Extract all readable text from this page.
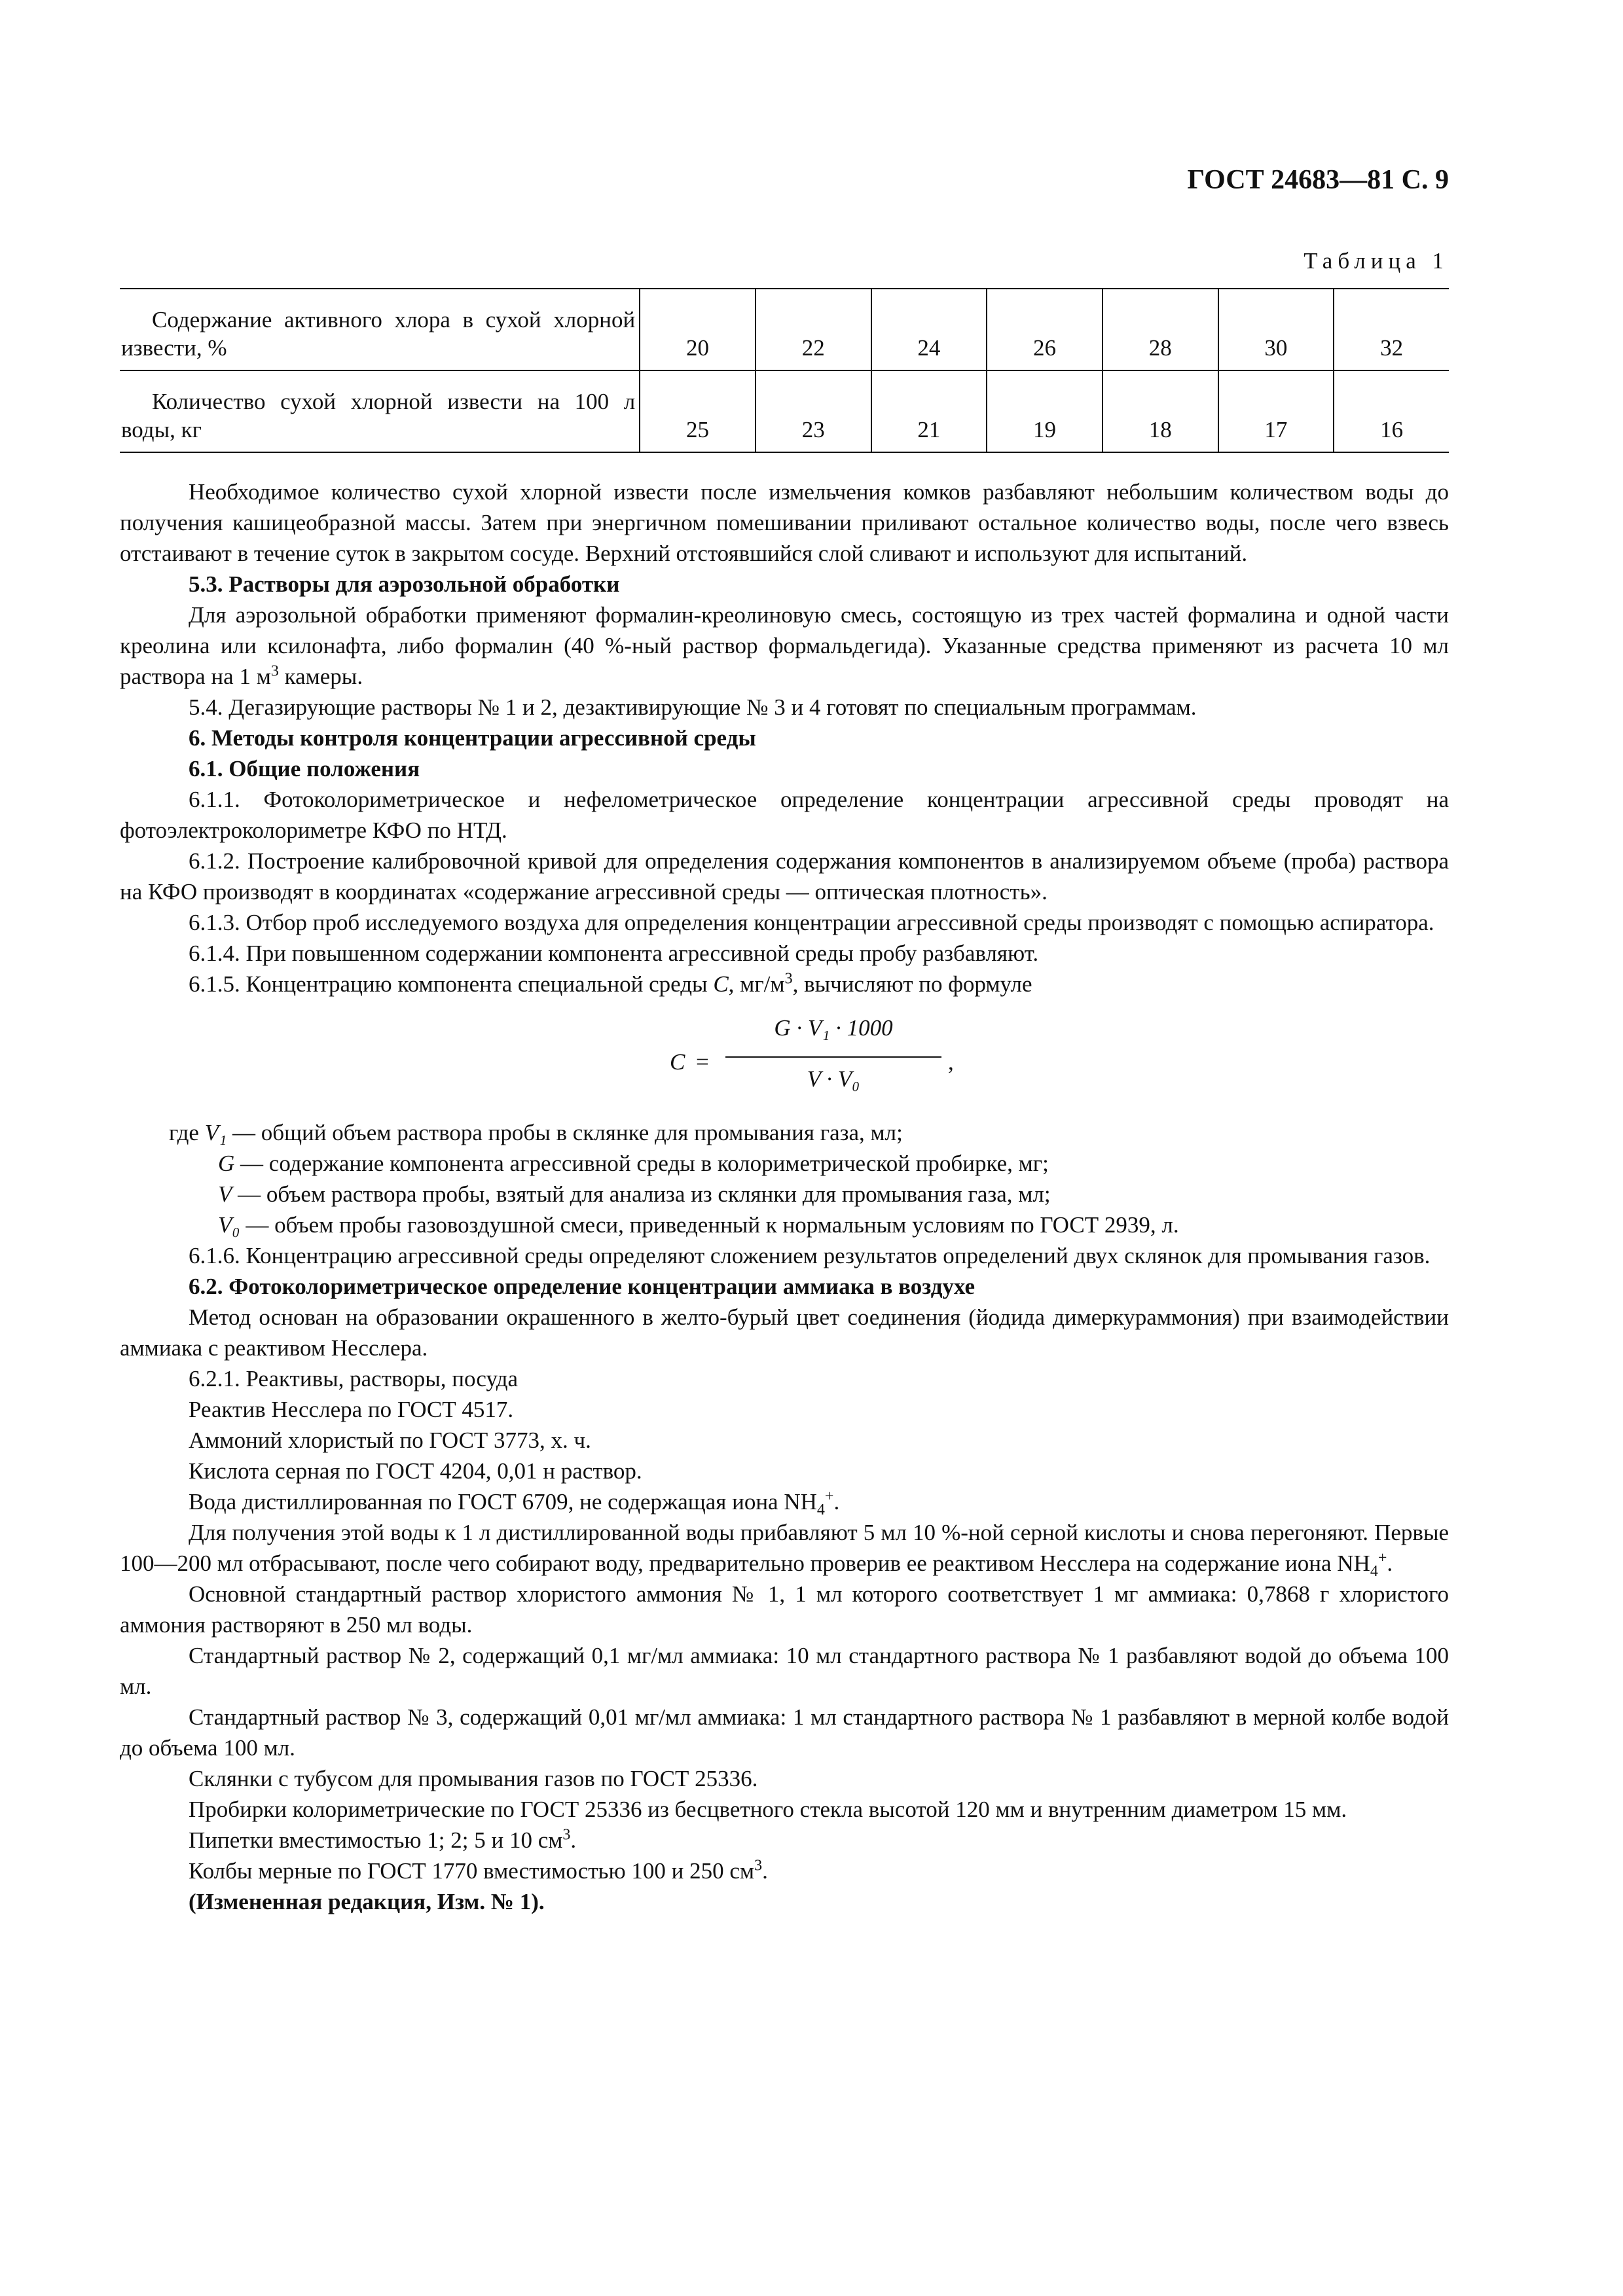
ГОСТ 24683—81 С. 9
Таблица 1
Содержание активного хлора в сухой хлорной извести, %	20	22	24	26	28	30	32

Количество сухой хлорной извести на 100 л воды, кг	25	23	21	19	18	17	16

Необходимое количество сухой хлорной извести после измельчения комков разбавляют небольшим количеством воды до получения кашицеобразной массы. Затем при энергичном помешивании приливают остальное количество воды, после чего взвесь отстаивают в течение суток в закрытом сосуде. Верхний отстоявшийся слой сливают и используют для испытаний.

5.3. Растворы для аэрозольной обработки

Для аэрозольной обработки применяют формалин-креолиновую смесь, состоящую из трех частей формалина и одной части креолина или ксилонафта, либо формалин (40 %-ный раствор формальдегида). Указанные средства применяют из расчета 10 мл раствора на 1 $м^3$ камеры.

5.4. Дегазирующие растворы № 1 и 2, дезактивирующие № 3 и 4 готовят по специальным программам.

6. Методы контроля концентрации агрессивной среды

6.1. Общие положения

6.1.1. Фотоколориметрическое и нефелометрическое определение концентрации агрессивной среды проводят на фотоэлектроколориметре КФО по НТД.

6.1.2. Построение калибровочной кривой для определения содержания компонентов в анализируемом объеме (проба) раствора на КФО производят в координатах «содержание агрессивной среды — оптическая плотность».

6.1.3. Отбор проб исследуемого воздуха для определения концентрации агрессивной среды производят с помощью аспиратора.

6.1.4. При повышенном содержании компонента агрессивной среды пробу разбавляют.

6.1.5. Концентрацию компонента специальной среды С, $мг/м^3$, вычисляют по формуле

С =
G · V₁ · 1000
V · V₀
,
где V₁ — общий объем раствора пробы в склянке для промывания газа, мл;
G — содержание компонента агрессивной среды в колориметрической пробирке, мг;
V — объем раствора пробы, взятый для анализа из склянки для промывания газа, мл;
V₀ — объем пробы газовоздушной смеси, приведенный к нормальным условиям по ГОСТ 2939, л.

6.1.6. Концентрацию агрессивной среды определяют сложением результатов определений двух склянок для промывания газов.

6.2. Фотоколориметрическое определение концентрации аммиака в воздухе

Метод основан на образовании окрашенного в желто-бурый цвет соединения (йодида димеркураммония) при взаимодействии аммиака с реактивом Несслера.

6.2.1. Реактивы, растворы, посуда

Реактив Несслера по ГОСТ 4517.

Аммоний хлористый по ГОСТ 3773, х. ч.

Кислота серная по ГОСТ 4204, 0,01 н раствор.

Вода дистиллированная по ГОСТ 6709, не содержащая иона $NH_4^+$.

Для получения этой воды к 1 л дистиллированной воды прибавляют 5 мл 10 %-ной серной кислоты и снова перегоняют. Первые 100—200 мл отбрасывают, после чего собирают воду, предварительно проверив ее реактивом Несслера на содержание иона $NH_4^+$.

Основной стандартный раствор хлористого аммония № 1, 1 мл которого соответствует 1 мг аммиака: 0,7868 г хлористого аммония растворяют в 250 мл воды.

Стандартный раствор № 2, содержащий 0,1 мг/мл аммиака: 10 мл стандартного раствора № 1 разбавляют водой до объема 100 мл.

Стандартный раствор № 3, содержащий 0,01 мг/мл аммиака: 1 мл стандартного раствора № 1 разбавляют в мерной колбе водой до объема 100 мл.

Склянки с тубусом для промывания газов по ГОСТ 25336.

Пробирки колориметрические по ГОСТ 25336 из бесцветного стекла высотой 120 мм и внутренним диаметром 15 мм.

Пипетки вместимостью 1; 2; 5 и 10 $см^3$.

Колбы мерные по ГОСТ 1770 вместимостью 100 и 250 $см^3$.

(Измененная редакция, Изм. № 1).
